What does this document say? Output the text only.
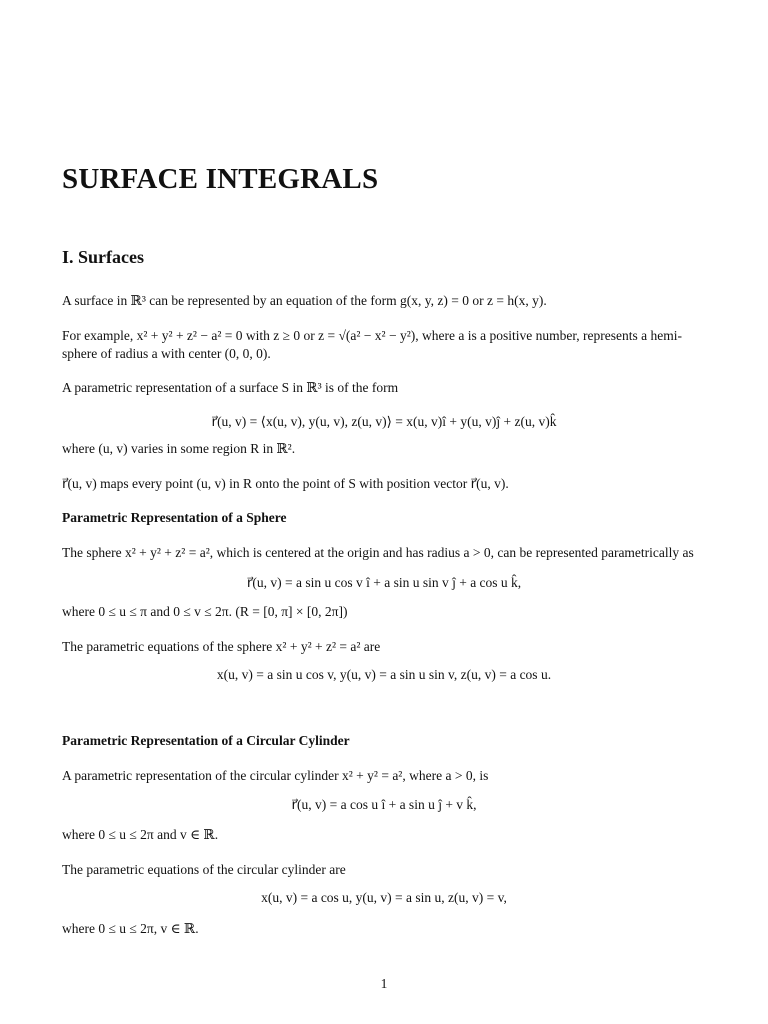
SURFACE INTEGRALS
I. Surfaces
A surface in ℝ³ can be represented by an equation of the form g(x, y, z) = 0 or z = h(x, y).
For example, x² + y² + z² − a² = 0 with z ≥ 0 or z = √(a² − x² − y²), where a is a positive number, represents a hemi-
sphere of radius a with center (0, 0, 0).
A parametric representation of a surface S in ℝ³ is of the form
r⃗(u, v) = ⟨x(u, v), y(u, v), z(u, v)⟩ = x(u, v)î + y(u, v)ĵ + z(u, v)k̂
where (u, v) varies in some region R in ℝ².
r⃗(u, v) maps every point (u, v) in R onto the point of S with position vector r⃗(u, v).
Parametric Representation of a Sphere
The sphere x² + y² + z² = a², which is centered at the origin and has radius a > 0, can be represented parametrically as
r⃗(u, v) = a sin u cos v î + a sin u sin v ĵ + a cos u k̂,
where 0 ≤ u ≤ π and 0 ≤ v ≤ 2π. (R = [0, π] × [0, 2π])
The parametric equations of the sphere x² + y² + z² = a² are
x(u, v) = a sin u cos v, y(u, v) = a sin u sin v, z(u, v) = a cos u.
Parametric Representation of a Circular Cylinder
A parametric representation of the circular cylinder x² + y² = a², where a > 0, is
r⃗(u, v) = a cos u î + a sin u ĵ + v k̂,
where 0 ≤ u ≤ 2π and v ∈ ℝ.
The parametric equations of the circular cylinder are
x(u, v) = a cos u, y(u, v) = a sin u, z(u, v) = v,
where 0 ≤ u ≤ 2π, v ∈ ℝ.
1
